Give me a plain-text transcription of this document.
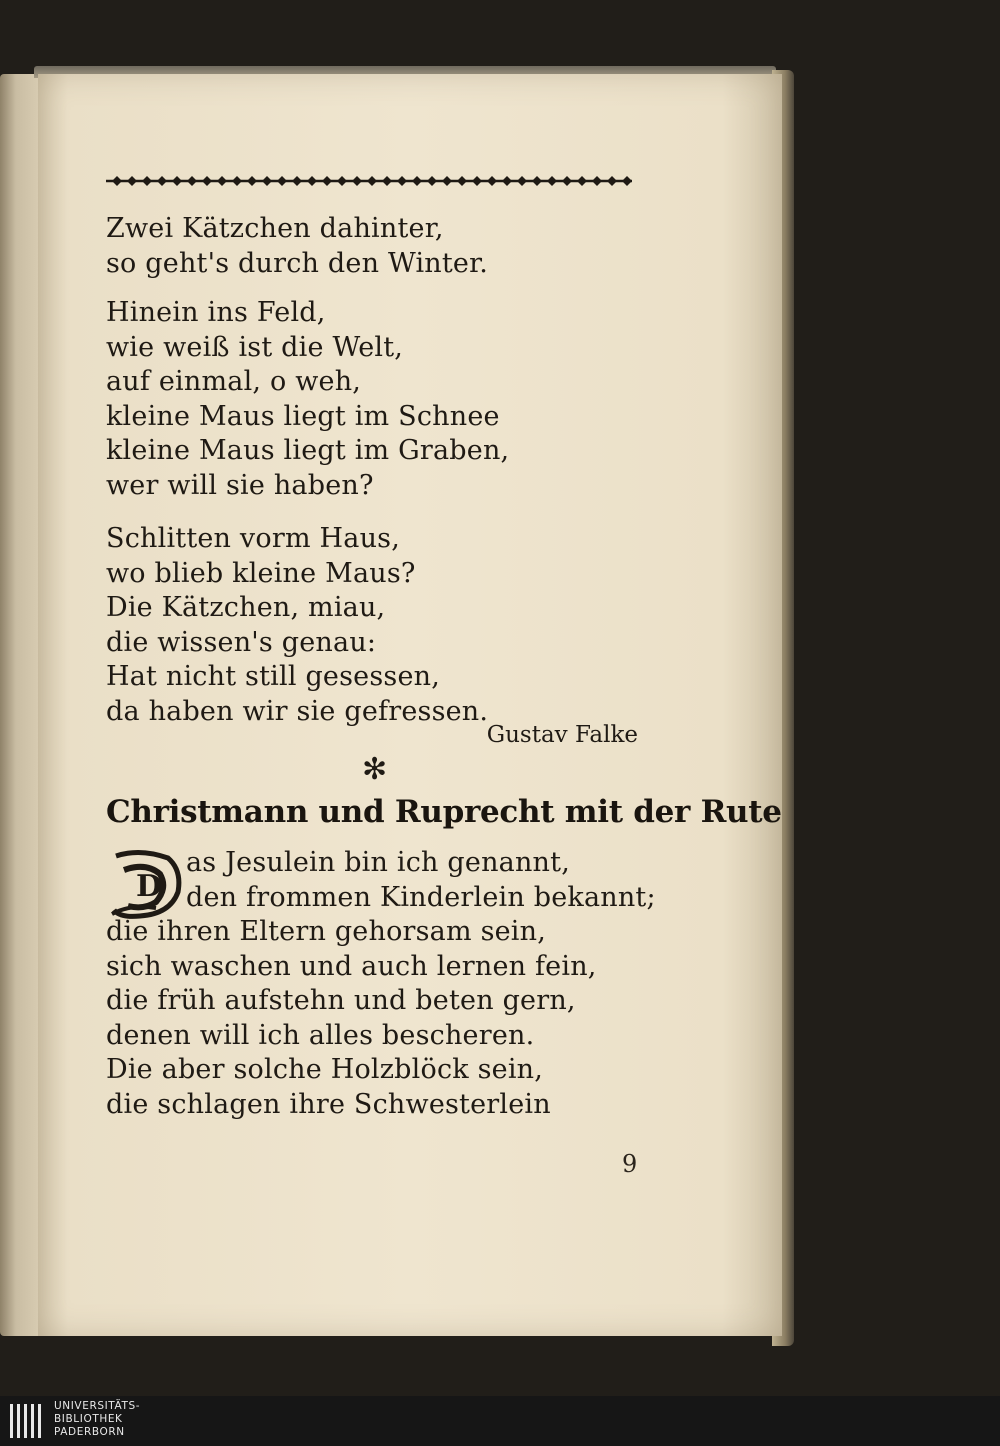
Zwei Kätzchen dahinter,
so geht's durch den Winter.
Hinein ins Feld,
wie weiß ist die Welt,
auf einmal, o weh,
kleine Maus liegt im Schnee
kleine Maus liegt im Graben,
wer will sie haben?
Schlitten vorm Haus,
wo blieb kleine Maus?
Die Kätzchen, miau,
die wissen's genau:
Hat nicht still gesessen,
da haben wir sie gefressen.

Gustav Falke

✻
Christmann und Ruprecht mit der Rute
D
as Jesulein bin ich genannt,
den frommen Kinderlein bekannt;
die ihren Eltern gehorsam sein,
sich waschen und auch lernen fein,
die früh aufstehn und beten gern,
denen will ich alles bescheren.
Die aber solche Holzblöck sein,
die schlagen ihre Schwesterlein
9
UNIVERSITÄTS-
BIBLIOTHEK
PADERBORN
